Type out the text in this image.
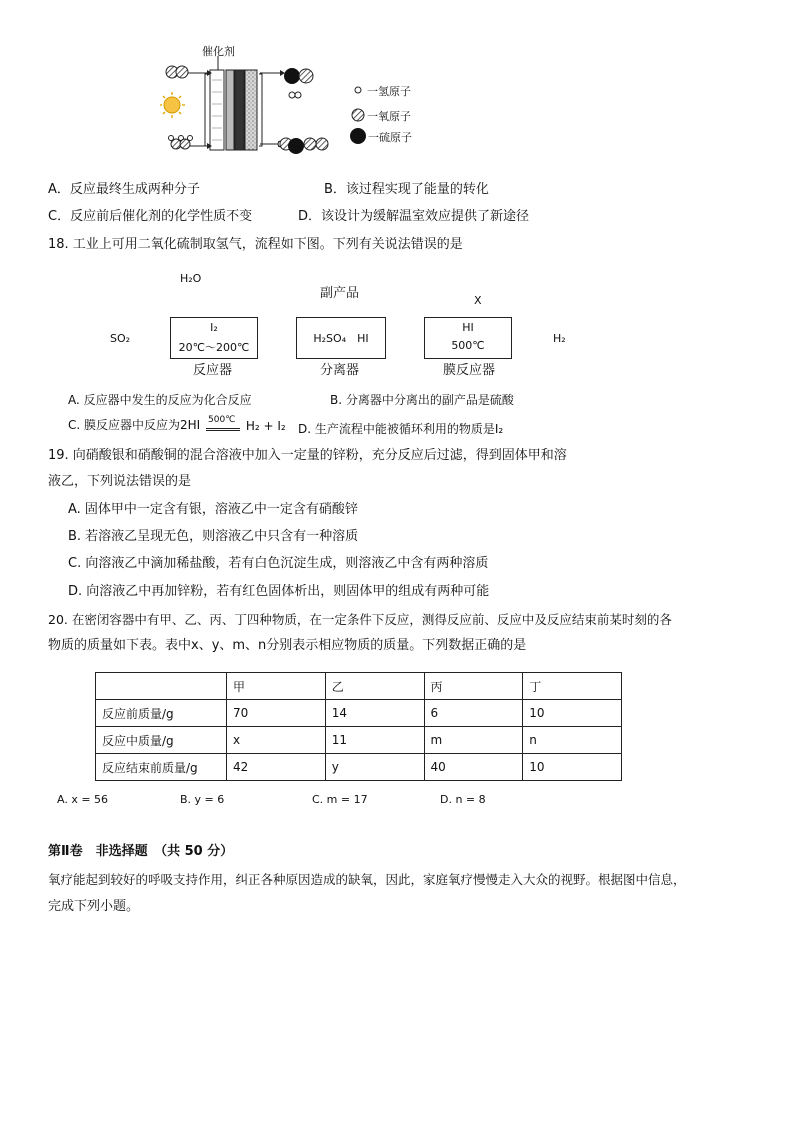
催化剂
一氢原子
一氧原子
一硫原子
A．反应最终生成两种分子	B．该过程实现了能量的转化
C．反应前后催化剂的化学性质不变	D．该设计为缓解温室效应提供了新途径
18. 工业上可用二氧化硫制取氢气，流程如下图。下列有关说法错误的是
H₂O
副产品	X
SO₂	H₂
I₂
20℃～200℃
H₂SO₄　HI
HI
500℃
反应器	分离器	膜反应器
A. 反应器中发生的反应为化合反应	B. 分离器中分离出的副产品是硫酸
C. 膜反应器中反应为2HI 500℃ H₂ + I₂ D. 生产流程中能被循环利用的物质是I₂
19. 向硝酸银和硝酸铜的混合溶液中加入一定量的锌粉，充分反应后过滤，得到固体甲和溶
液乙，下列说法错误的是
A. 固体甲中一定含有银，溶液乙中一定含有硝酸锌
B. 若溶液乙呈现无色，则溶液乙中只含有一种溶质
C. 向溶液乙中滴加稀盐酸，若有白色沉淀生成，则溶液乙中含有两种溶质
D. 向溶液乙中再加锌粉，若有红色固体析出，则固体甲的组成有两种可能
20. 在密闭容器中有甲、乙、丙、丁四种物质，在一定条件下反应，测得反应前、反应中及反应结束前某时刻的各
物质的质量如下表。表中x、y、m、n分别表示相应物质的质量。下列数据正确的是
	甲	乙	丙	丁
反应前质量/g	70	14	6	10
反应中质量/g	x	11	m	n
反应结束前质量/g	42	y	40	10
A. x = 56	B. y = 6	C. m = 17	D. n = 8
第Ⅱ卷　非选择题　（共 50 分）
氧疗能起到较好的呼吸支持作用，纠正各种原因造成的缺氧，因此，家庭氧疗慢慢走入大众的视野。根据图中信息，
完成下列小题。
